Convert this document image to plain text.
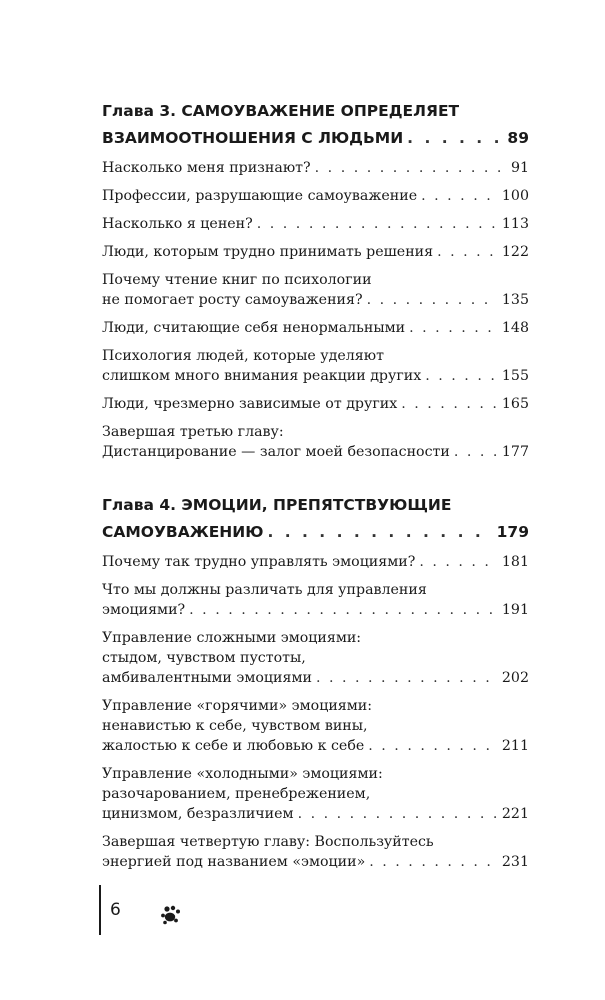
Глава 3. САМОУВАЖЕНИЕ ОПРЕДЕЛЯЕТ
ВЗАИМООТНОШЕНИЯ С ЛЮДЬМИ . . .	89
Насколько меня признают? . . .	91
Профессии, разрушающие самоуважение . . .	100
Насколько я ценен? . . .	113
Люди, которым трудно принимать решения . . .	122
Почему чтение книг по психологии
не помогает росту самоуважения? . . .	135
Люди, считающие себя ненормальными . . .	148
Психология людей, которые уделяют
слишком много внимания реакции других . . .	155
Люди, чрезмерно зависимые от других . . .	165
Завершая третью главу:
Дистанцирование — залог моей безопасности . . .	177
Глава 4. ЭМОЦИИ, ПРЕПЯТСТВУЮЩИЕ
САМОУВАЖЕНИЮ . . .	179
Почему так трудно управлять эмоциями? . . .	181
Что мы должны различать для управления
эмоциями? . . .	191
Управление сложными эмоциями:
стыдом, чувством пустоты,
амбивалентными эмоциями . . .	202
Управление «горячими» эмоциями:
ненавистью к себе, чувством вины,
жалостью к себе и любовью к себе . . .	211
Управление «холодными» эмоциями:
разочарованием, пренебрежением,
цинизмом, безразличием . . .	221
Завершая четвертую главу: Воспользуйтесь
энергией под названием «эмоции» . . .	231
6
